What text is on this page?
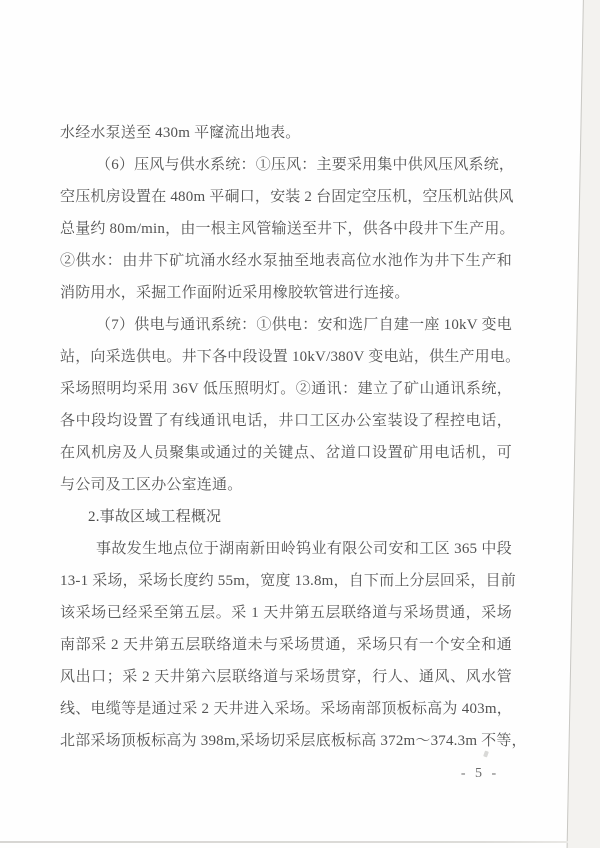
水经水泵送至 430m 平窿流出地表。
（6）压风与供水系统：①压风：主要采用集中供风压风系统，
空压机房设置在 480m 平硐口，安装 2 台固定空压机，空压机站供风
总量约 80m/min，由一根主风管输送至井下，供各中段井下生产用。
②供水：由井下矿坑涌水经水泵抽至地表高位水池作为井下生产和
消防用水，采掘工作面附近采用橡胶软管进行连接。
（7）供电与通讯系统：①供电：安和选厂自建一座 10kV 变电
站，向采选供电。井下各中段设置 10kV/380V 变电站，供生产用电。
采场照明均采用 36V 低压照明灯。②通讯：建立了矿山通讯系统，
各中段均设置了有线通讯电话，井口工区办公室装设了程控电话，
在风机房及人员聚集或通过的关键点、岔道口设置矿用电话机，可
与公司及工区办公室连通。
2.事故区域工程概况
事故发生地点位于湖南新田岭钨业有限公司安和工区 365 中段
13-1 采场，采场长度约 55m，宽度 13.8m，自下而上分层回采，目前
该采场已经采至第五层。采 1 天井第五层联络道与采场贯通，采场
南部采 2 天井第五层联络道未与采场贯通，采场只有一个安全和通
风出口；采 2 天井第六层联络道与采场贯穿，行人、通风、风水管
线、电缆等是通过采 2 天井进入采场。采场南部顶板标高为 403m，
北部采场顶板标高为 398m,采场切采层底板标高 372m～374.3m 不等，
- 5 -
